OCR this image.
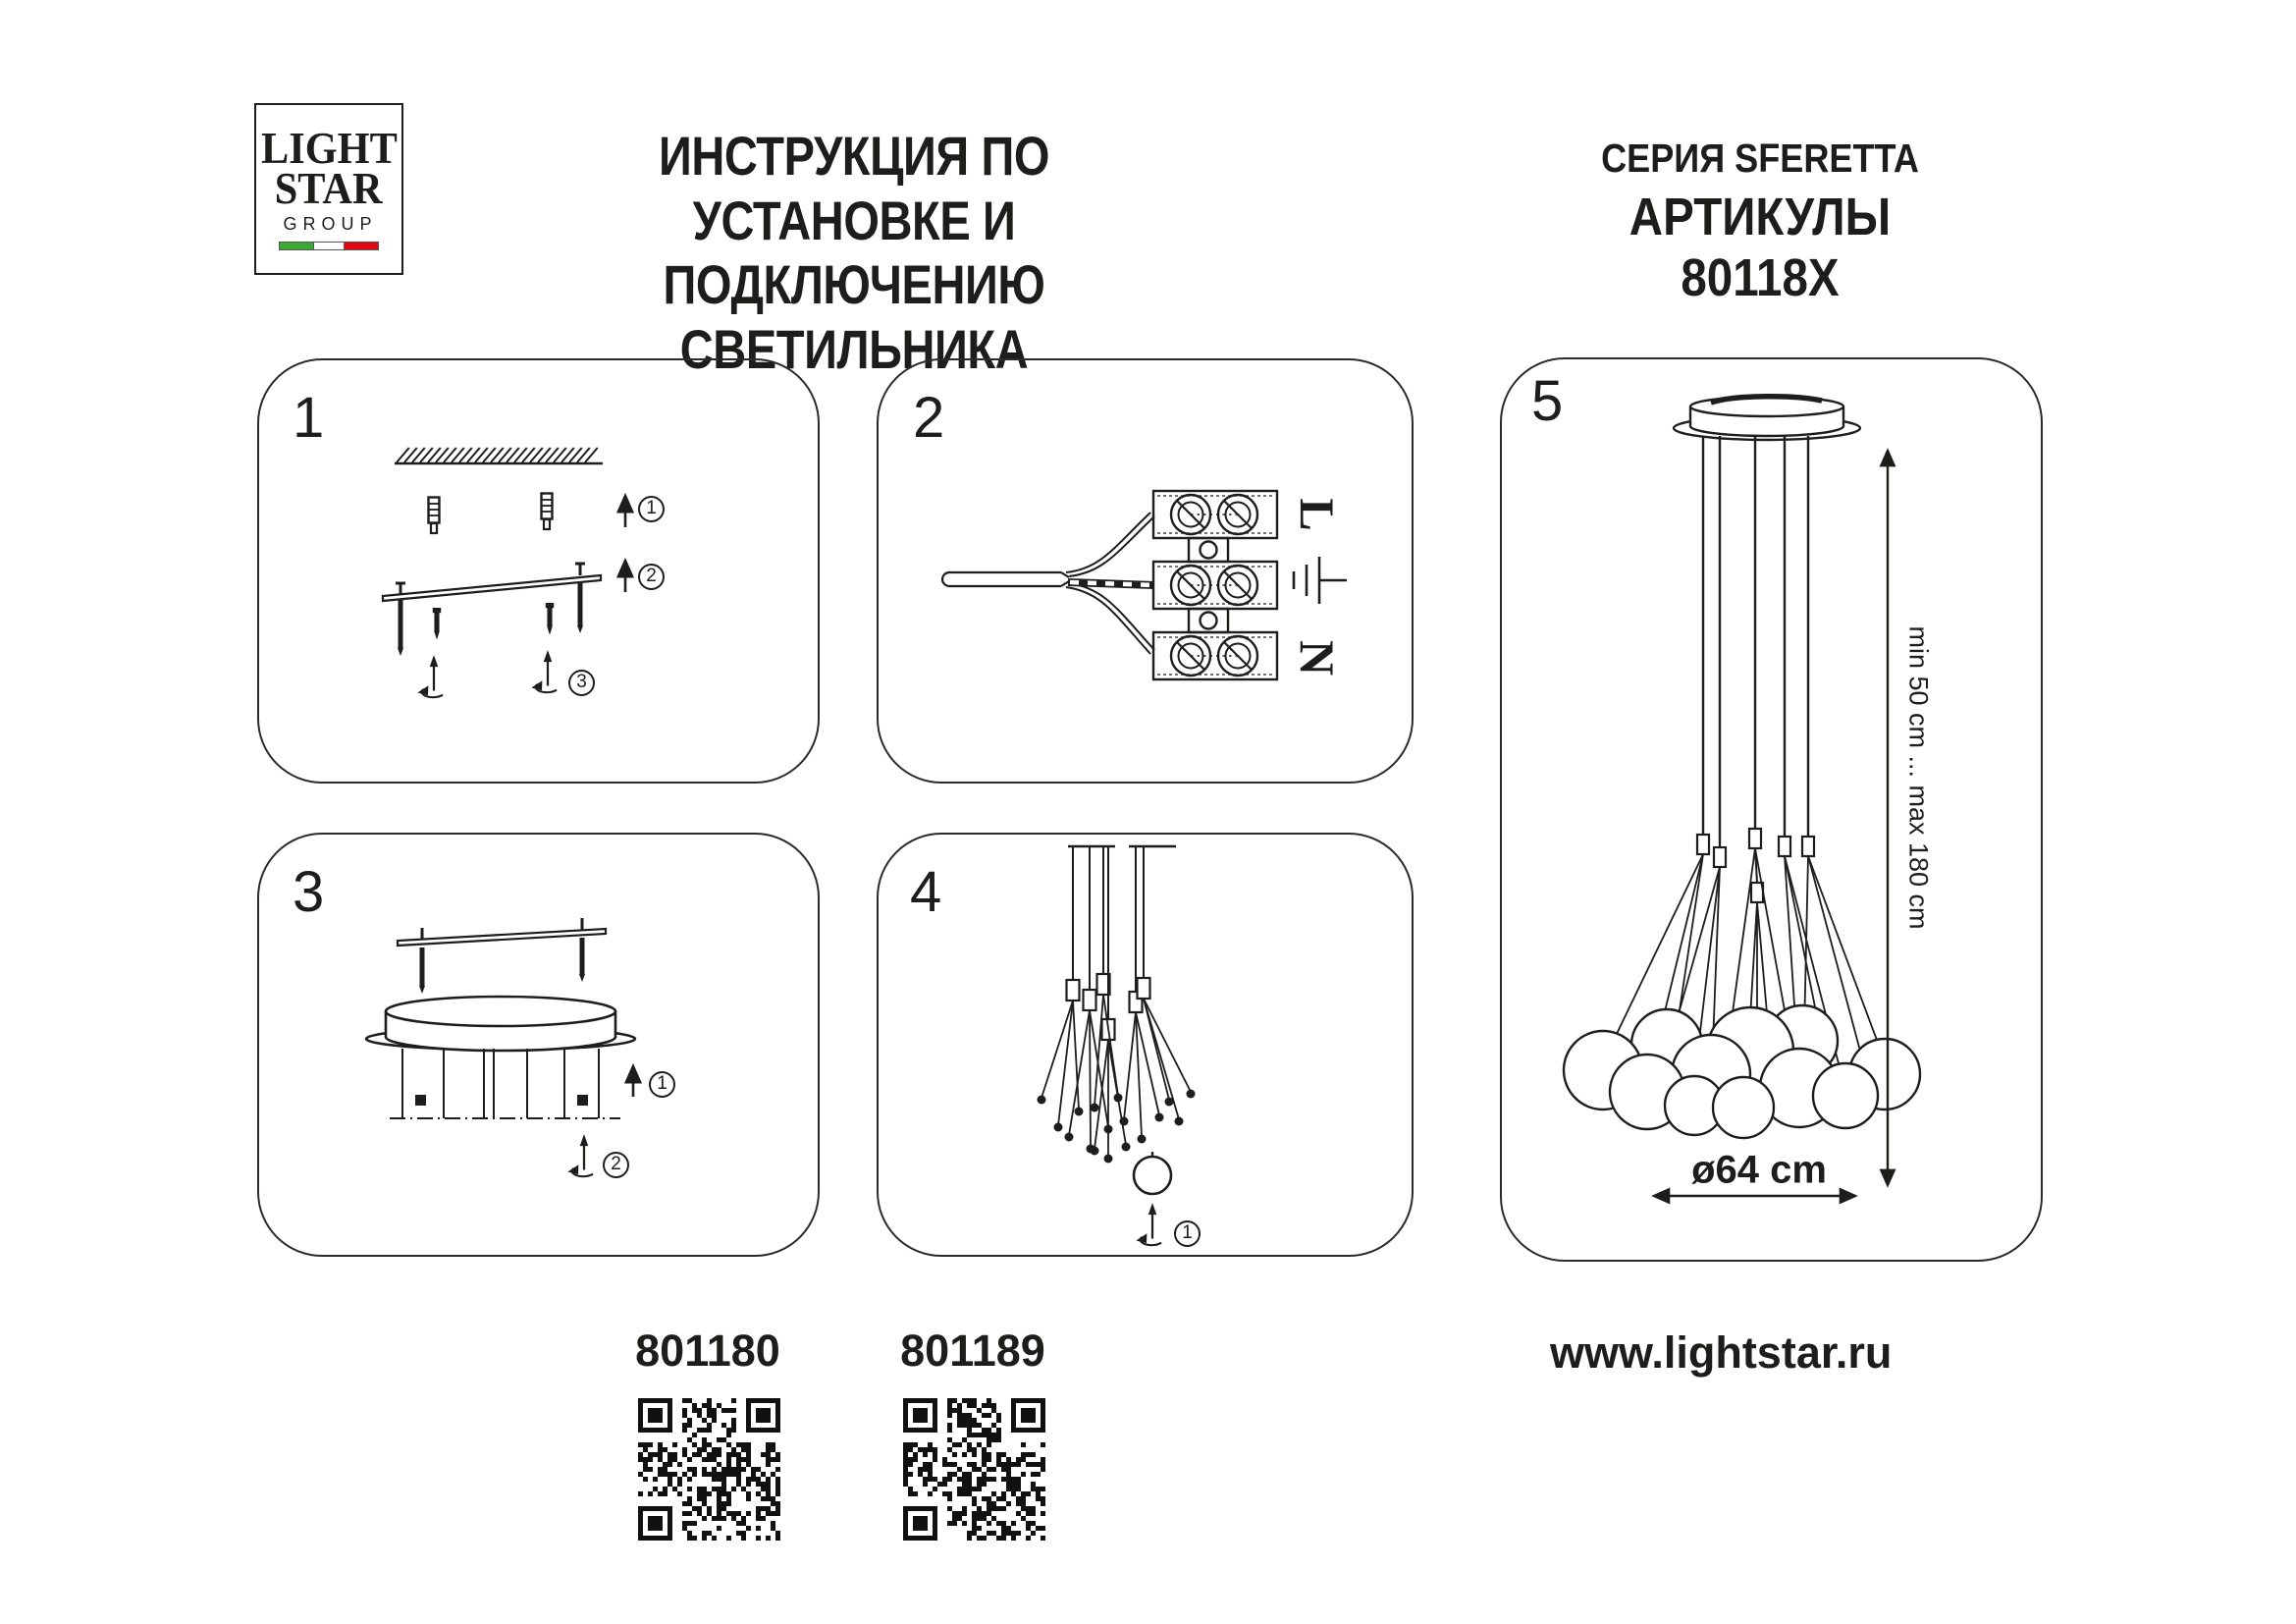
LIGHT
STAR
GROUP
ИНСТРУКЦИЯ ПО УСТАНОВКЕ И
ПОДКЛЮЧЕНИЮ СВЕТИЛЬНИКА
СЕРИЯ SFERETTA
АРТИКУЛЫ 80118X
1
1
2
3
2
L
N
3
1
2
4
1
5
min 50 cm ... max 180 cm
ø64 cm
801180	801189	www.lightstar.ru
